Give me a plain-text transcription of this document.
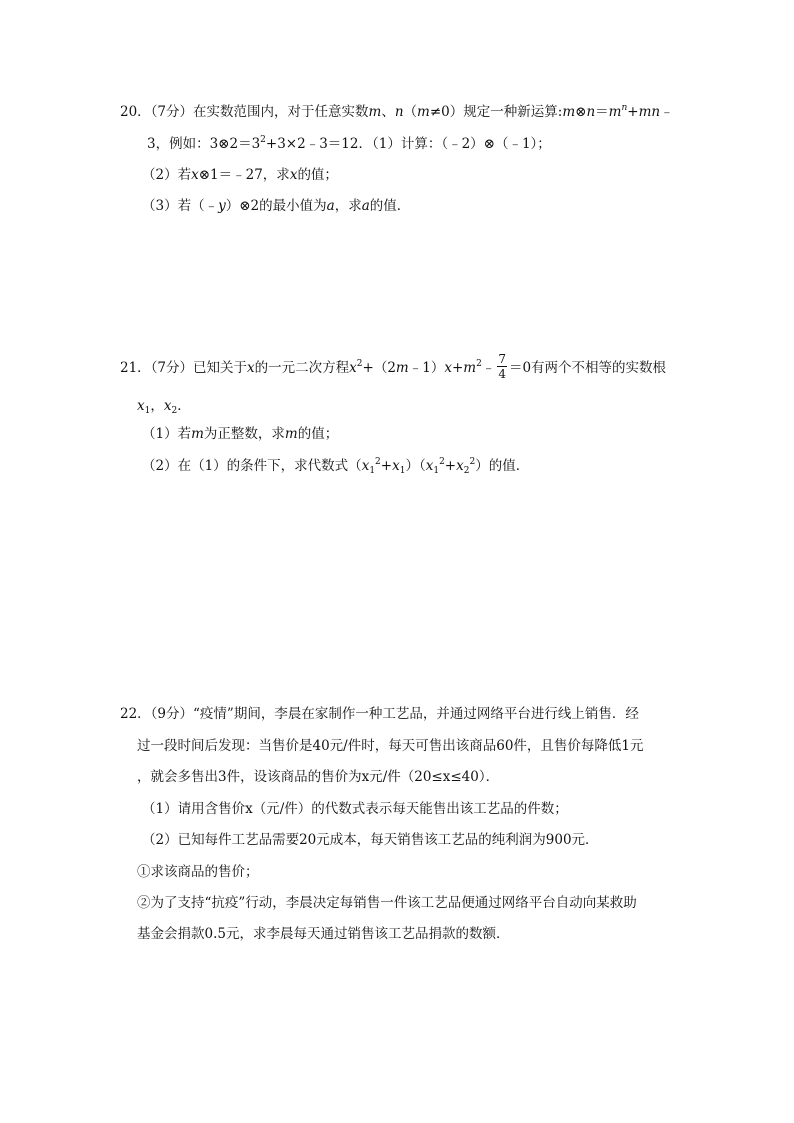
20．（7分）在实数范围内，对于任意实数m、n（m≠0）规定一种新运算$:m\otimes n=m^n+mn﹣$
3，例如：$3\otimes 2=3^2+3\times 2﹣3=12$．（1）计算：（﹣2）⊗（﹣1）；
（2）若x⊗1＝﹣27，求x的值；
（3）若（﹣y）⊗2的最小值为a，求a的值．
21．（7分）已知关于x的一元二次方程$x^2+(2m﹣1)x+m^2﹣ \frac{7}{4} =0$有两个不相等的实数根
$x_1$，$x_2$．
（1）若m为正整数，求m的值；
（2）在（1）的条件下，求代数式$(x_1^2+x_1)(x_1^2+x_2^2)$的值．
22．（9分）“疫情”期间，李晨在家制作一种工艺品，并通过网络平台进行线上销售．经
过一段时间后发现：当售价是40元/件时，每天可售出该商品60件，且售价每降低1元
，就会多售出3件，设该商品的售价为x元/件（20≤x≤40）．
（1）请用含售价x（元/件）的代数式表示每天能售出该工艺品的件数；
（2）已知每件工艺品需要20元成本，每天销售该工艺品的纯利润为900元．
①求该商品的售价；
②为了支持“抗疫”行动，李晨决定每销售一件该工艺品便通过网络平台自动向某救助
基金会捐款0.5元，求李晨每天通过销售该工艺品捐款的数额．
